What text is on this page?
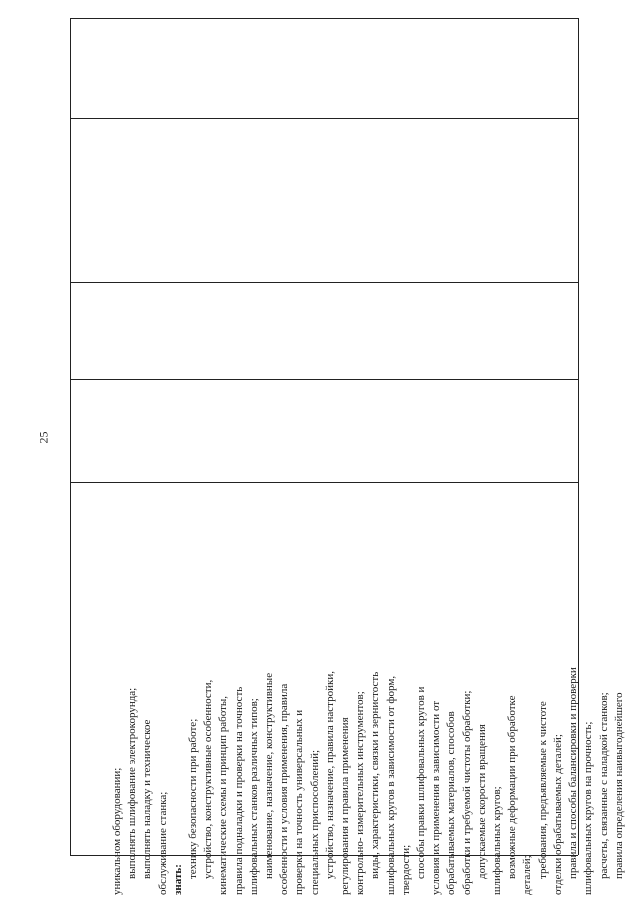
25
уникальном оборудовании; выполнять шлифование электрокорунда; выполнять наладку и техническое обслуживание станка; знать:
технику безопасности при работе; устройство, конструктивные особенности, кинематические схемы и принцип работы, правила подналадки и проверки на точность шлифовальных станков различных типов; наименование, назначение, конструктивные особенности и условия применения, правила проверки на точность универсальных и специальных приспособлений; устройство, назначение, правила настройки, регулирования и правила применения контрольно- измерительных инструментов; виды, характеристики, связки и зернистость шлифовальных кругов в зависимости от форм, твердости; способы правки шлифовальных кругов и условия их применения в зависимости от обрабатываемых материалов, способов обработки и требуемой чистоты обработки; допускаемые скорости вращения шлифовальных кругов; возможные деформации при обработке деталей; требования, предъявляемые к чистоте отделки обрабатываемых деталей; правила и способы балансировки и проверки шлифовальных кругов на прочность; расчеты, связанные с наладкой станков; правила определения наивыгоднейшего
